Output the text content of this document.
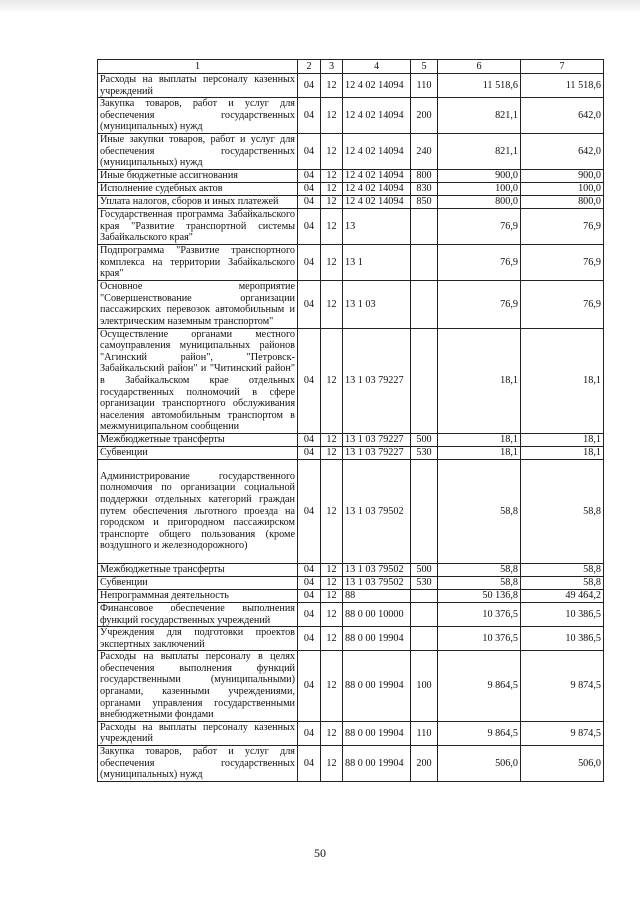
1	2	3	4	5	6	7
Расходы на выплаты персоналу казенных учреждений	04	12	12 4 02 14094	110	11 518,6	11 518,6
Закупка товаров, работ и услуг для обеспечения государственных (муниципальных) нужд	04	12	12 4 02 14094	200	821,1	642,0
Иные закупки товаров, работ и услуг для обеспечения государственных (муниципальных) нужд	04	12	12 4 02 14094	240	821,1	642,0
Иные бюджетные ассигнования	04	12	12 4 02 14094	800	900,0	900,0
Исполнение судебных актов	04	12	12 4 02 14094	830	100,0	100,0
Уплата налогов, сборов и иных платежей	04	12	12 4 02 14094	850	800,0	800,0
Государственная программа Забайкальского края "Развитие транспортной системы Забайкальского края"	04	12	13		76,9	76,9
Подпрограмма "Развитие транспортного комплекса на территории Забайкальского края"	04	12	13 1		76,9	76,9
Основное мероприятие "Совершенствование организации пассажирских перевозок автомобильным и электрическим наземным транспортом"	04	12	13 1 03		76,9	76,9
Осуществление органами местного самоуправления муниципальных районов "Агинский район", "Петровск-Забайкальский район" и "Читинский район" в Забайкальском крае отдельных государственных полномочий в сфере организации транспортного обслуживания населения автомобильным транспортом в межмуниципальном сообщении	04	12	13 1 03 79227		18,1	18,1
Межбюджетные трансферты	04	12	13 1 03 79227	500	18,1	18,1
Субвенции	04	12	13 1 03 79227	530	18,1	18,1
Администрирование государственного полномочия по организации социальной поддержки отдельных категорий граждан путем обеспечения льготного проезда на городском и пригородном пассажирском транспорте общего пользования (кроме воздушного и железнодорожного)	04	12	13 1 03 79502		58,8	58,8
Межбюджетные трансферты	04	12	13 1 03 79502	500	58,8	58,8
Субвенции	04	12	13 1 03 79502	530	58,8	58,8
Непрограммная деятельность	04	12	88		50 136,8	49 464,2
Финансовое обеспечение выполнения функций государственных учреждений	04	12	88 0 00 10000		10 376,5	10 386,5
Учреждения для подготовки проектов экспертных заключений	04	12	88 0 00 19904		10 376,5	10 386,5
Расходы на выплаты персоналу в целях обеспечения выполнения функций государственными (муниципальными) органами, казенными учреждениями, органами управления государственными внебюджетными фондами	04	12	88 0 00 19904	100	9 864,5	9 874,5
Расходы на выплаты персоналу казенных учреждений	04	12	88 0 00 19904	110	9 864,5	9 874,5
Закупка товаров, работ и услуг для обеспечения государственных (муниципальных) нужд	04	12	88 0 00 19904	200	506,0	506,0
50
